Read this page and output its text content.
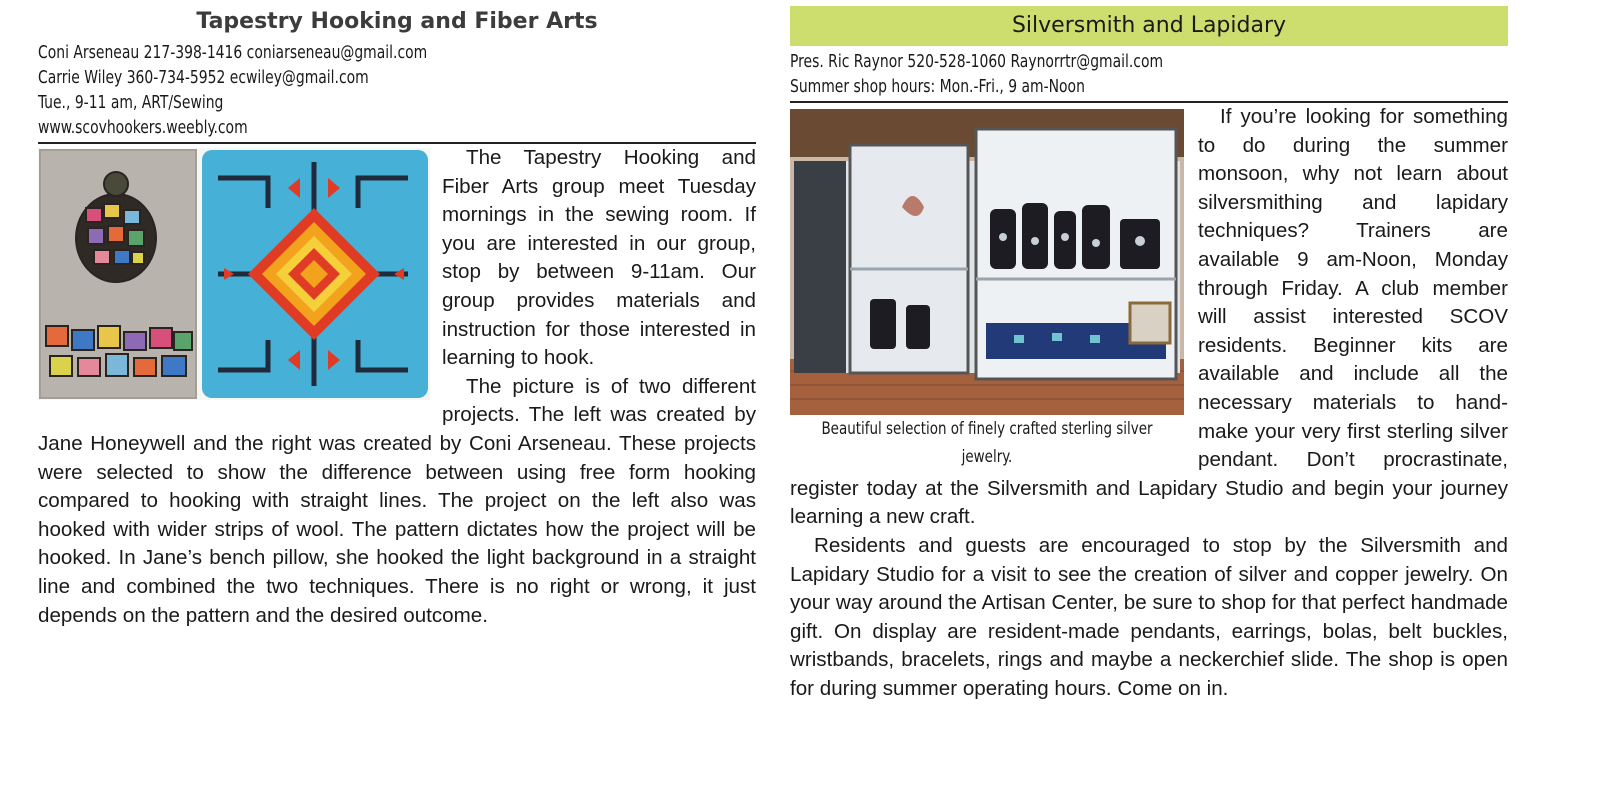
Tapestry Hooking and Fiber Arts
Coni Arseneau 217-398-1416 coniarseneau@gmail.com
Carrie Wiley 360-734-5952 ecwiley@gmail.com
Tue., 9-11 am, ART/Sewing
www.scovhookers.weebly.com

The Tapestry Hooking and Fiber Arts group meet Tuesday mornings in the sewing room. If you are interested in our group, stop by between 9-11am. Our group provides materials and instruction for those interested in learning to hook.

The picture is of two different projects. The left was created by Jane Honeywell and the right was created by Coni Arseneau. These projects were selected to show the difference between using free form hooking compared to hooking with straight lines. The project on the left also was hooked with wider strips of wool. The pattern dictates how the project will be hooked. In Jane’s bench pillow, she hooked the light background in a straight line and combined the two techniques. There is no right or wrong, it just depends on the pattern and the desired outcome.

Silversmith and Lapidary
Pres. Ric Raynor 520-528-1060 Raynorrtr@gmail.com
Summer shop hours: Mon.-Fri., 9 am-Noon
Beautiful selection of finely crafted sterling silver jewelry.

If you’re looking for something to do during the summer monsoon, why not learn about silversmithing and lapidary techniques? Trainers are available 9 am-Noon, Monday through Friday. A club member will assist interested SCOV residents. Beginner kits are available and include all the necessary materials to hand-make your very first sterling silver pendant. Don’t procrastinate, register today at the Silversmith and Lapidary Studio and begin your journey learning a new craft.

Residents and guests are encouraged to stop by the Silversmith and Lapidary Studio for a visit to see the creation of silver and copper jewelry. On your way around the Artisan Center, be sure to shop for that perfect handmade gift. On display are resident-made pendants, earrings, bolas, belt buckles, wristbands, bracelets, rings and maybe a neckerchief slide. The shop is open for during summer operating hours. Come on in.
